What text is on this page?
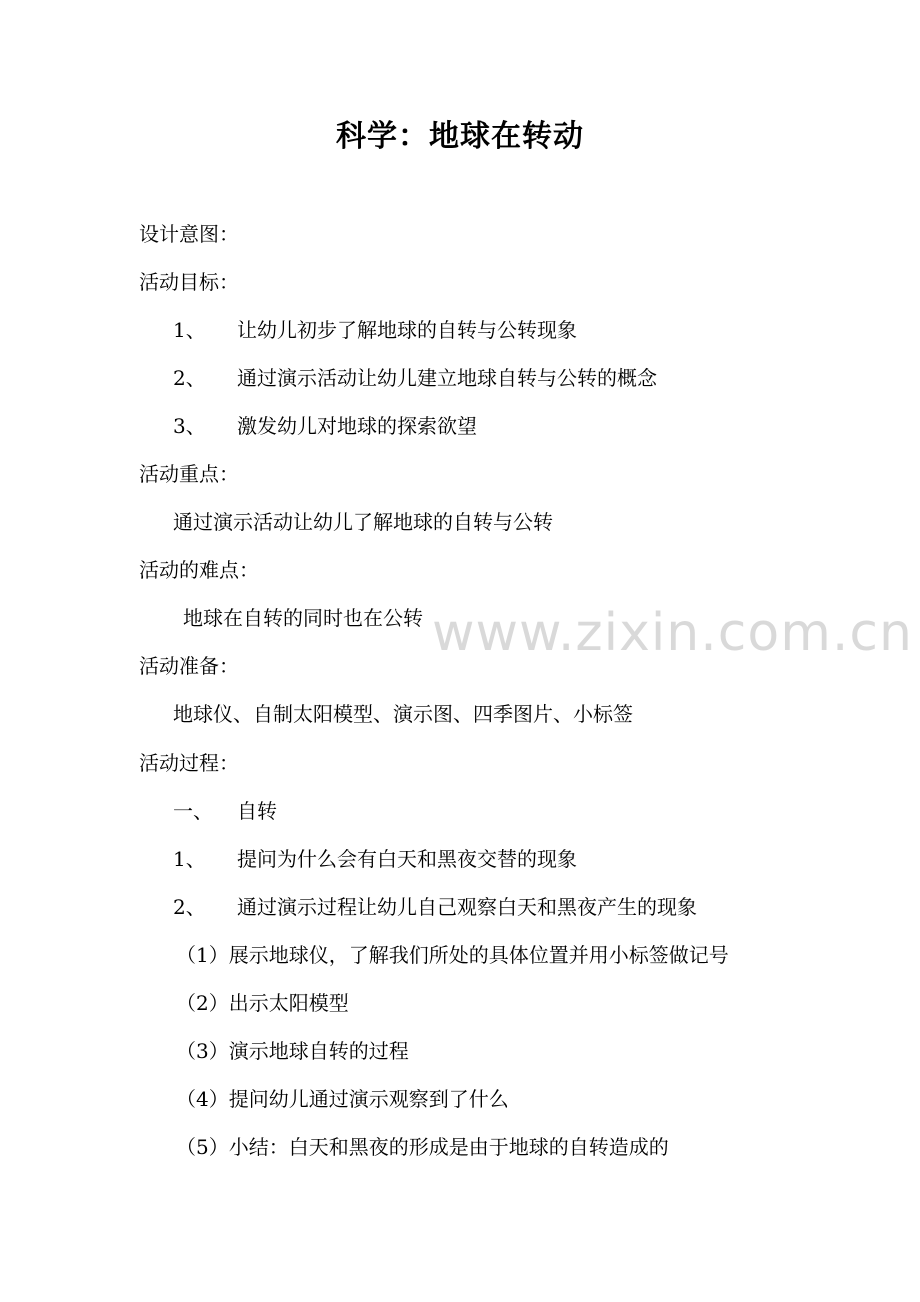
科学：地球在转动
设计意图：
活动目标：
1、 让幼儿初步了解地球的自转与公转现象
2、 通过演示活动让幼儿建立地球自转与公转的概念
3、 激发幼儿对地球的探索欲望
活动重点：
通过演示活动让幼儿了解地球的自转与公转
活动的难点：
地球在自转的同时也在公转
活动准备：
地球仪、自制太阳模型、演示图、四季图片、小标签
活动过程：
一、 自转
1、 提问为什么会有白天和黑夜交替的现象
2、 通过演示过程让幼儿自己观察白天和黑夜产生的现象
（1）展示地球仪，了解我们所处的具体位置并用小标签做记号
（2）出示太阳模型
（3）演示地球自转的过程
（4）提问幼儿通过演示观察到了什么
（5）小结：白天和黑夜的形成是由于地球的自转造成的
www.zixin.com.cn
